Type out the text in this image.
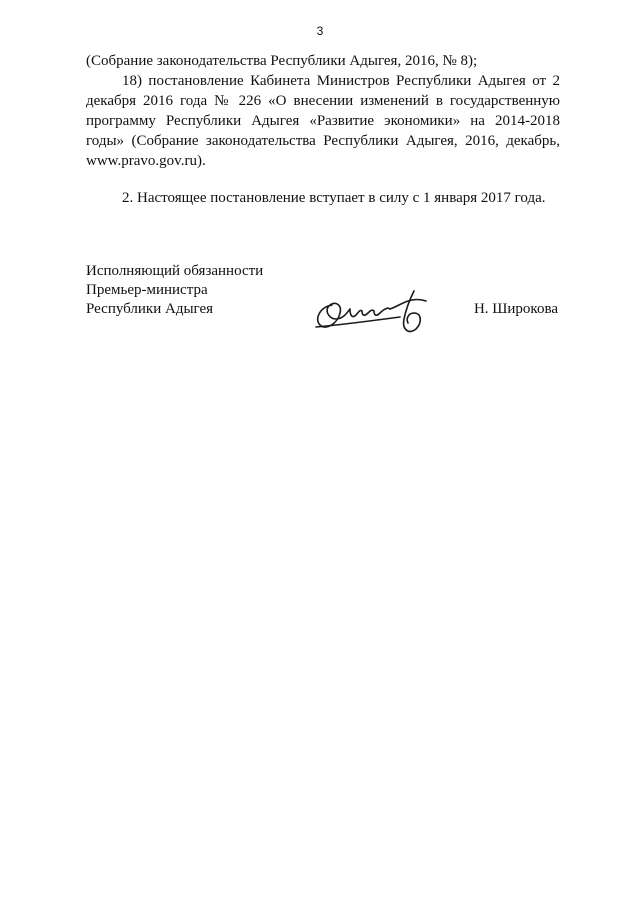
3

(Собрание законодательства Республики Адыгея, 2016, № 8);

18) постановление Кабинета Министров Республики Адыгея от 2 декабря 2016 года № 226 «О внесении изменений в государственную программу Республики Адыгея «Развитие экономики» на 2014-2018 годы» (Собрание законодательства Республики Адыгея, 2016, декабрь, www.pravo.gov.ru).

2. Настоящее постановление вступает в силу с 1 января 2017 года.

Исполняющий обязанности
Премьер-министра
Республики Адыгея	Н. Широкова
